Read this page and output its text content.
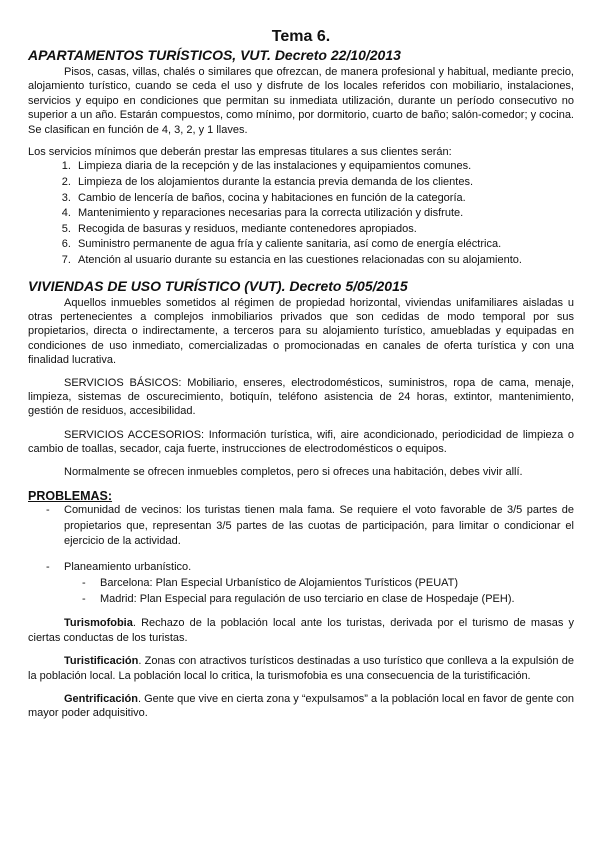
Tema 6.

APARTAMENTOS TURÍSTICOS, VUT. Decreto 22/10/2013

Pisos, casas, villas, chalés o similares que ofrezcan, de manera profesional y habitual, mediante precio, alojamiento turístico, cuando se ceda el uso y disfrute de los locales referidos con mobiliario, instalaciones, servicios y equipo en condiciones que permitan su inmediata utilización, durante un período consecutivo no superior a un año. Estarán compuestos, como mínimo, por dormitorio, cuarto de baño; salón-comedor; y cocina. Se clasifican en función de 4, 3, 2, y 1 llaves.

Los servicios mínimos que deberán prestar las empresas titulares a sus clientes serán:

1. Limpieza diaria de la recepción y de las instalaciones y equipamientos comunes.
2. Limpieza de los alojamientos durante la estancia previa demanda de los clientes.
3. Cambio de lencería de baños, cocina y habitaciones en función de la categoría.
4. Mantenimiento y reparaciones necesarias para la correcta utilización y disfrute.
5. Recogida de basuras y residuos, mediante contenedores apropiados.
6. Suministro permanente de agua fría y caliente sanitaria, así como de energía eléctrica.
7. Atención al usuario durante su estancia en las cuestiones relacionadas con su alojamiento.
VIVIENDAS DE USO TURÍSTICO (VUT). Decreto 5/05/2015

Aquellos inmuebles sometidos al régimen de propiedad horizontal, viviendas unifamiliares aisladas u otras pertenecientes a complejos inmobiliarios privados que son cedidas de modo temporal por sus propietarios, directa o indirectamente, a terceros para su alojamiento turístico, amuebladas y equipadas en condiciones de uso inmediato, comercializadas o promocionadas en canales de oferta turística y con una finalidad lucrativa.

SERVICIOS BÁSICOS: Mobiliario, enseres, electrodomésticos, suministros, ropa de cama, menaje, limpieza, sistemas de oscurecimiento, botiquín, teléfono asistencia de 24 horas, extintor, mantenimiento, gestión de residuos, accesibilidad.

SERVICIOS ACCESORIOS: Información turística, wifi, aire acondicionado, periodicidad de limpieza o cambio de toallas, secador, caja fuerte, instrucciones de electrodomésticos o equipos.

Normalmente se ofrecen inmuebles completos, pero si ofreces una habitación, debes vivir allí.

PROBLEMAS:

- Comunidad de vecinos: los turistas tienen mala fama. Se requiere el voto favorable de 3/5 partes de propietarios que, representan 3/5 partes de las cuotas de participación, para limitar o condicionar el ejercicio de la actividad.
- Planeamiento urbanístico.
- Barcelona: Plan Especial Urbanístico de Alojamientos Turísticos (PEUAT)
- Madrid: Plan Especial para regulación de uso terciario en clase de Hospedaje (PEH).

Turismofobia. Rechazo de la población local ante los turistas, derivada por el turismo de masas y ciertas conductas de los turistas.

Turistificación. Zonas con atractivos turísticos destinadas a uso turístico que conlleva a la expulsión de la población local. La población local lo critica, la turismofobia es una consecuencia de la turistificación.

Gentrificación. Gente que vive en cierta zona y “expulsamos” a la población local en favor de gente con mayor poder adquisitivo.
